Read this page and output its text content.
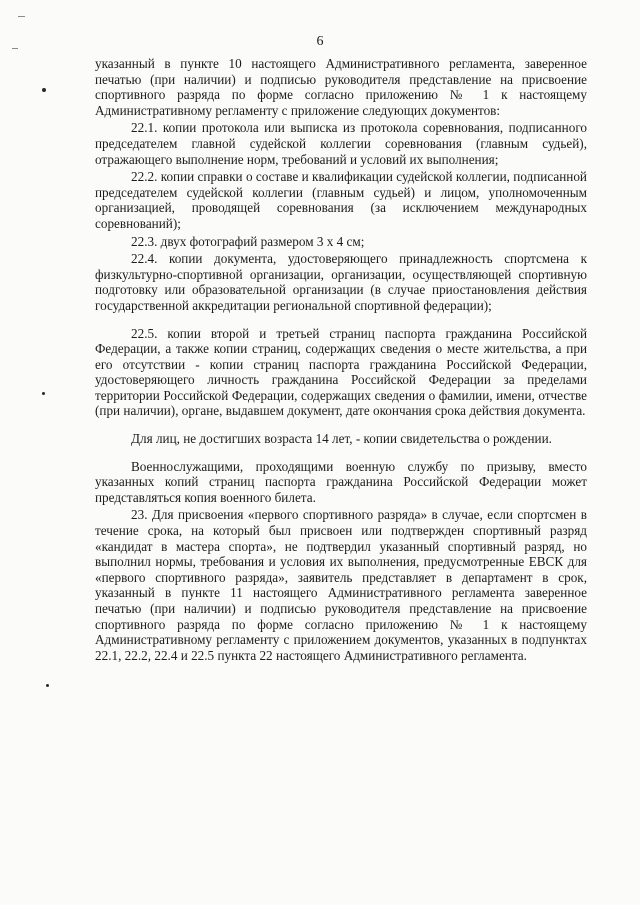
6

указанный в пункте 10 настоящего Административного регламента, заверенное печатью (при наличии) и подписью руководителя представление на присвоение спортивного разряда по форме согласно приложению № 1 к настоящему Административному регламенту с приложение следующих документов:

22.1. копии протокола или выписка из протокола соревнования, подписанного председателем главной судейской коллегии соревнования (главным судьей), отражающего выполнение норм, требований и условий их выполнения;

22.2. копии справки о составе и квалификации судейской коллегии, подписанной председателем судейской коллегии (главным судьей) и лицом, уполномоченным организацией, проводящей соревнования (за исключением международных соревнований);

22.3. двух фотографий размером 3 х 4 см;

22.4. копии документа, удостоверяющего принадлежность спортсмена к физкультурно-спортивной организации, организации, осуществляющей спортивную подготовку или образовательной организации (в случае приостановления действия государственной аккредитации региональной спортивной федерации);

22.5. копии второй и третьей страниц паспорта гражданина Российской Федерации, а также копии страниц, содержащих сведения о месте жительства, а при его отсутствии - копии страниц паспорта гражданина Российской Федерации, удостоверяющего личность гражданина Российской Федерации за пределами территории Российской Федерации, содержащих сведения о фамилии, имени, отчестве (при наличии), органе, выдавшем документ, дате окончания срока действия документа.

Для лиц, не достигших возраста 14 лет, - копии свидетельства о рождении.

Военнослужащими, проходящими военную службу по призыву, вместо указанных копий страниц паспорта гражданина Российской Федерации может представляться копия военного билета.

23. Для присвоения «первого спортивного разряда» в случае, если спортсмен в течение срока, на который был присвоен или подтвержден спортивный разряд «кандидат в мастера спорта», не подтвердил указанный спортивный разряд, но выполнил нормы, требования и условия их выполнения, предусмотренные ЕВСК для «первого спортивного разряда», заявитель представляет в департамент в срок, указанный в пункте 11 настоящего Административного регламента заверенное печатью (при наличии) и подписью руководителя представление на присвоение спортивного разряда по форме согласно приложению № 1 к настоящему Административному регламенту с приложением документов, указанных в подпунктах 22.1, 22.2, 22.4 и 22.5 пункта 22 настоящего Административного регламента.
